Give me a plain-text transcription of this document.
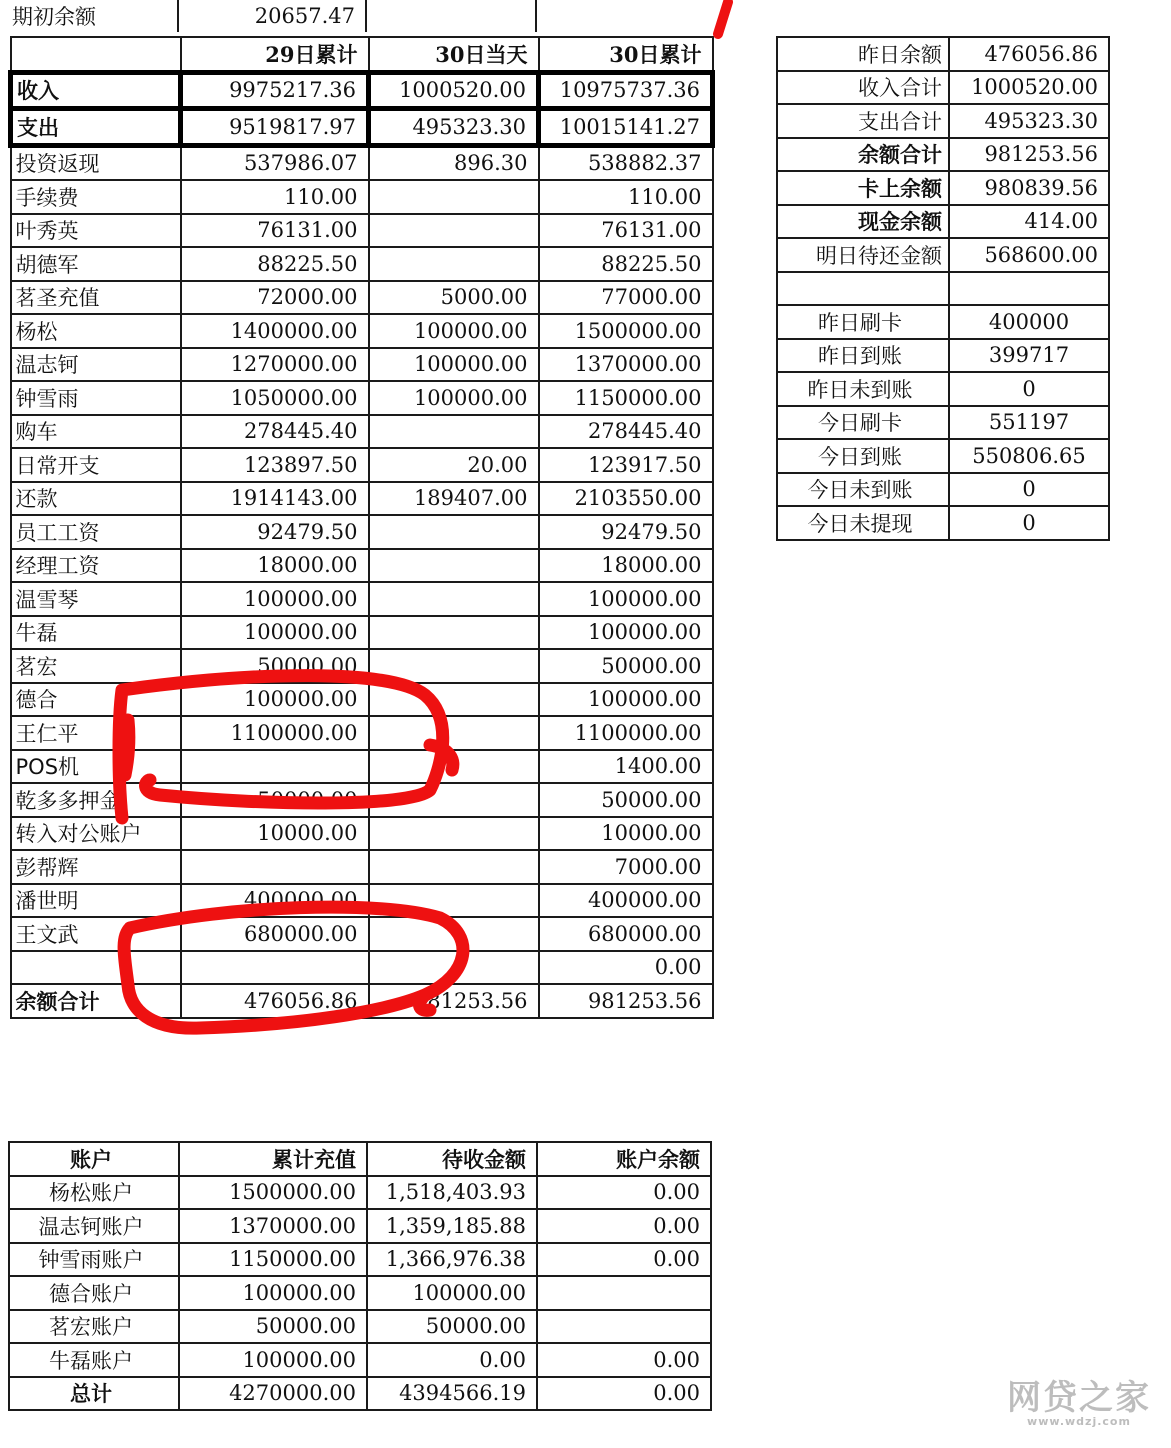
期初余额	20657.47		
	29日累计	30日当天	30日累计
收入	9975217.36	1000520.00	10975737.36
支出	9519817.97	495323.30	10015141.27
投资返现	537986.07	896.30	538882.37
手续费	110.00		110.00
叶秀英	76131.00		76131.00
胡德军	88225.50		88225.50
茗圣充值	72000.00	5000.00	77000.00
杨松	1400000.00	100000.00	1500000.00
温志钶	1270000.00	100000.00	1370000.00
钟雪雨	1050000.00	100000.00	1150000.00
购车	278445.40		278445.40
日常开支	123897.50	20.00	123917.50
还款	1914143.00	189407.00	2103550.00
员工工资	92479.50		92479.50
经理工资	18000.00		18000.00
温雪琴	100000.00		100000.00
牛磊	100000.00		100000.00
茗宏	50000.00		50000.00
德合	100000.00		100000.00
王仁平	1100000.00		1100000.00
POS机			1400.00
乾多多押金	50000.00		50000.00
转入对公账户	10000.00		10000.00
彭帮辉			7000.00
潘世明	400000.00		400000.00
王文武	680000.00		680000.00
			0.00
余额合计	476056.86	981253.56	981253.56
昨日余额	476056.86
收入合计	1000520.00
支出合计	495323.30
余额合计	981253.56
卡上余额	980839.56
现金余额	414.00
明日待还金额	568600.00

昨日刷卡	400000
昨日到账	399717
昨日未到账	0
今日刷卡	551197
今日到账	550806.65
今日未到账	0
今日未提现	0
账户	累计充值	待收金额	账户余额
杨松账户	1500000.00	1,518,403.93	0.00
温志钶账户	1370000.00	1,359,185.88	0.00
钟雪雨账户	1150000.00	1,366,976.38	0.00
德合账户	100000.00	100000.00	
茗宏账户	50000.00	50000.00	
牛磊账户	100000.00	0.00	0.00
总计	4270000.00	4394566.19	0.00	网贷之家
www.wdzj.com
